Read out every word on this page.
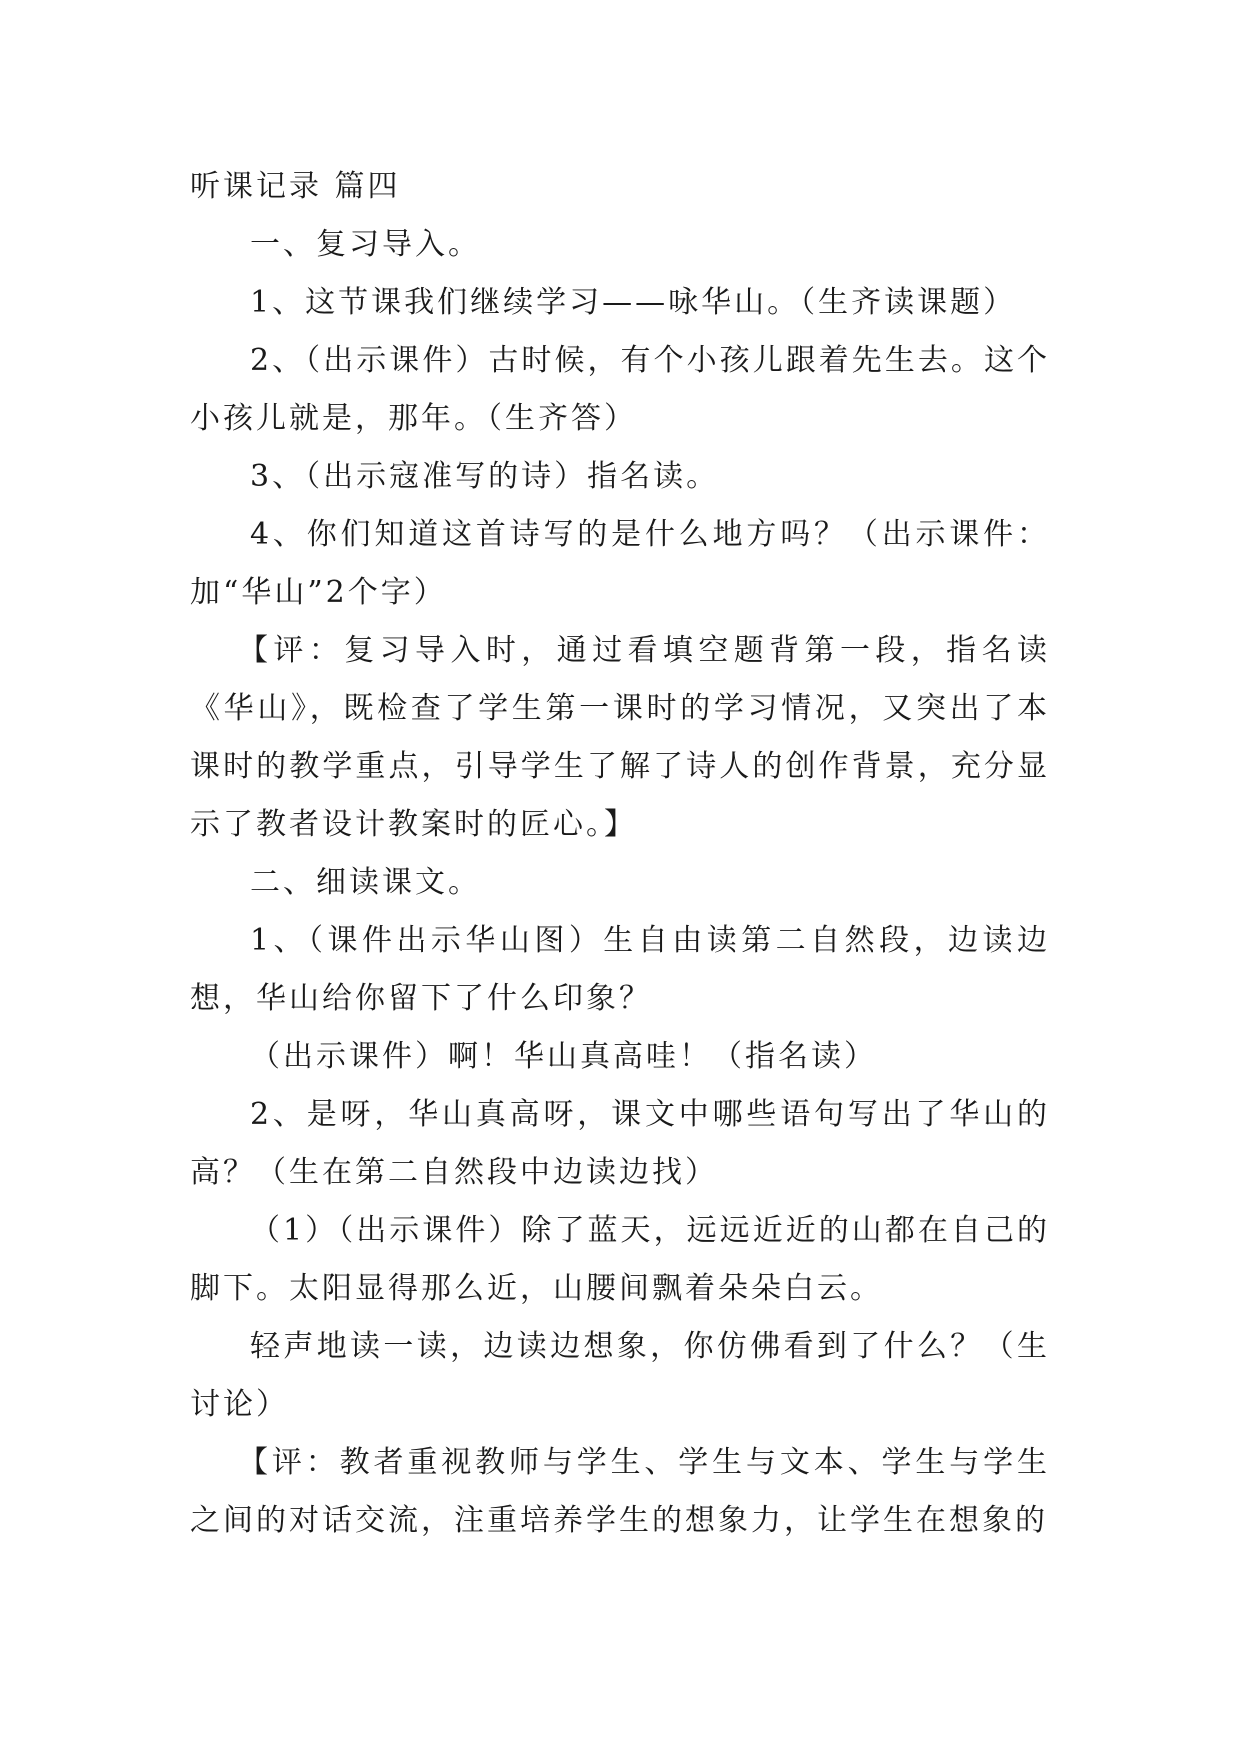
听课记录 篇四

一、复习导入。

1、这节课我们继续学习——咏华山。（生齐读课题）

2、（出示课件）古时候，有个小孩儿跟着先生去。这个小孩儿就是，那年。（生齐答）

3、（出示寇准写的诗）指名读。

4、你们知道这首诗写的是什么地方吗？（出示课件：加“华山”2个字）

【评：复习导入时，通过看填空题背第一段，指名读《华山》，既检查了学生第一课时的学习情况，又突出了本课时的教学重点，引导学生了解了诗人的创作背景，充分显示了教者设计教案时的匠心。】

二、细读课文。

1、（课件出示华山图）生自由读第二自然段，边读边想，华山给你留下了什么印象？

（出示课件）啊！华山真高哇！（指名读）

2、是呀，华山真高呀，课文中哪些语句写出了华山的高？（生在第二自然段中边读边找）

（1）（出示课件）除了蓝天，远远近近的山都在自己的脚下。太阳显得那么近，山腰间飘着朵朵白云。

轻声地读一读，边读边想象，你仿佛看到了什么？（生讨论）

【评：教者重视教师与学生、学生与文本、学生与学生之间的对话交流，注重培养学生的想象力，让学生在想象的
